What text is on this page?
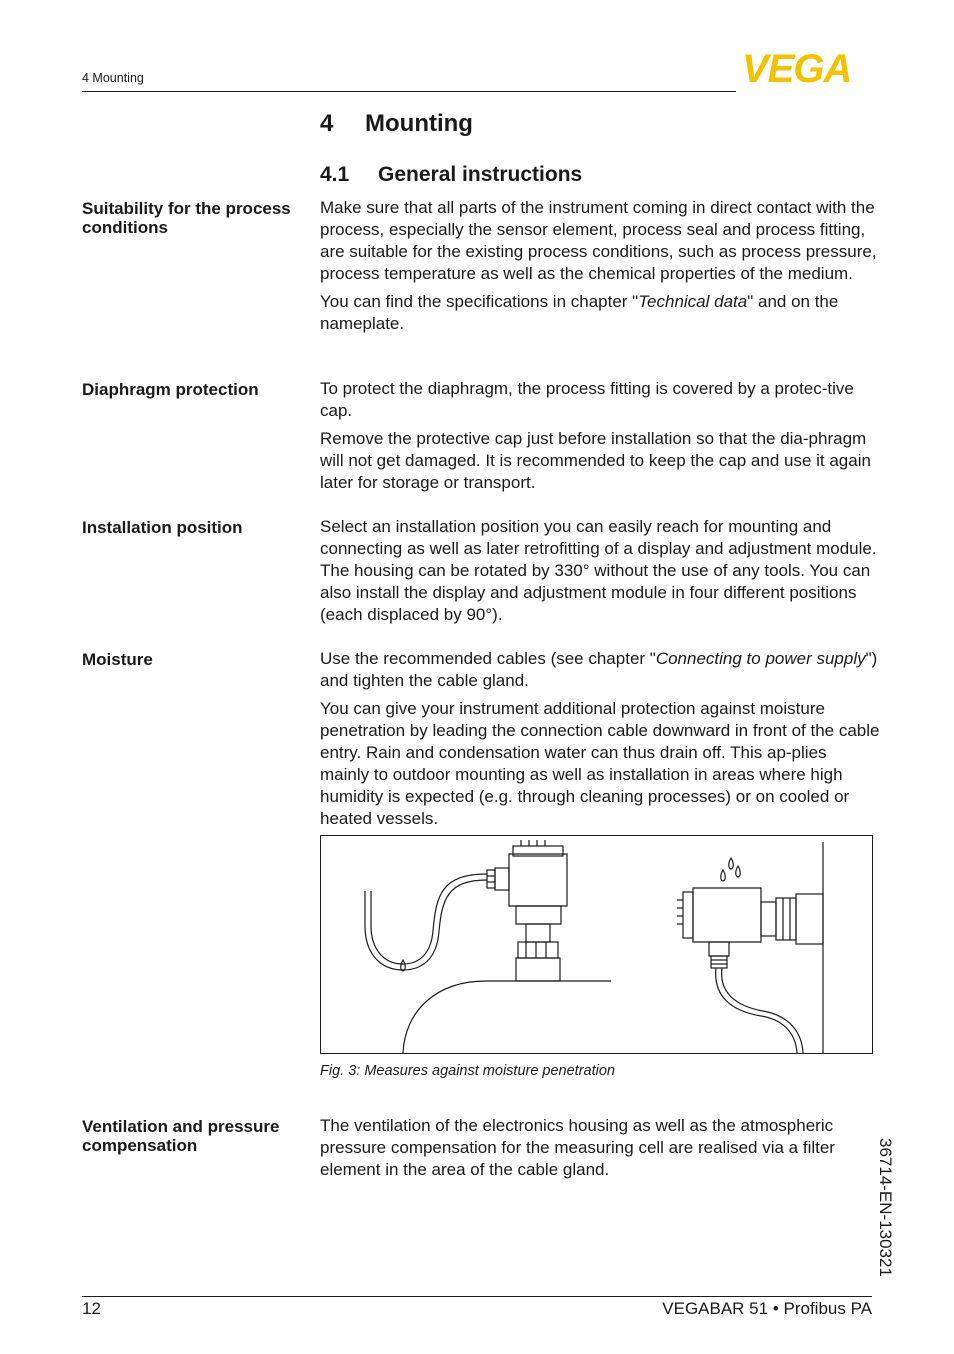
4 Mounting	VEGA
4 Mounting
4.1 General instructions
Suitability for the process conditions

Make sure that all parts of the instrument coming in direct contact with the process, especially the sensor element, process seal and process fitting, are suitable for the existing process conditions, such as process pressure, process temperature as well as the chemical properties of the medium.

You can find the specifications in chapter "Technical data" and on the nameplate.

Diaphragm protection	To protect the diaphragm, the process fitting is covered by a protec-tive cap.

Remove the protective cap just before installation so that the dia-phragm will not get damaged. It is recommended to keep the cap and use it again later for storage or transport.

Installation position	Select an installation position you can easily reach for mounting and connecting as well as later retrofitting of a display and adjustment module. The housing can be rotated by 330° without the use of any tools. You can also install the display and adjustment module in four different positions (each displaced by 90°).

Moisture	Use the recommended cables (see chapter "Connecting to power supply") and tighten the cable gland.

You can give your instrument additional protection against moisture penetration by leading the connection cable downward in front of the cable entry. Rain and condensation water can thus drain off. This ap-plies mainly to outdoor mounting as well as installation in areas where high humidity is expected (e.g. through cleaning processes) or on cooled or heated vessels.

Fig. 3: Measures against moisture penetration
Ventilation and pressure compensation

The ventilation of the electronics housing as well as the atmospheric pressure compensation for the measuring cell are realised via a filter element in the area of the cable gland.	36714-EN-130321
12	VEGABAR 51 • Profibus PA
